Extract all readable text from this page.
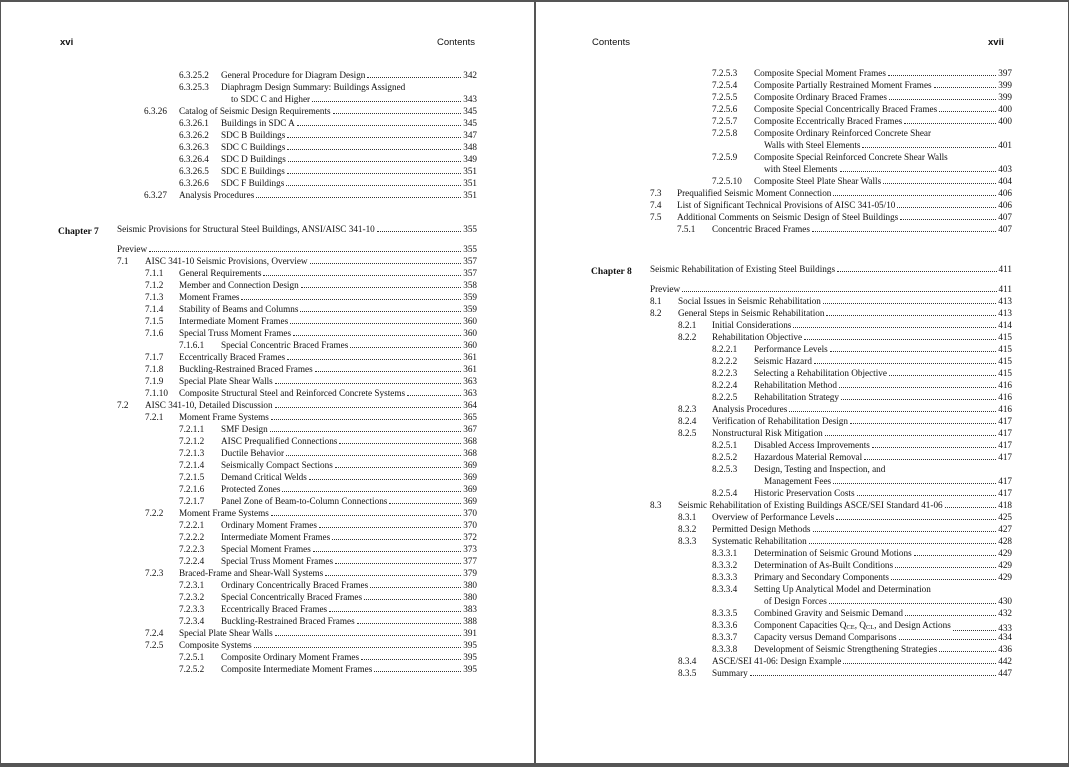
xvi	Contents
Chapter 7
6.3.25.2 General Procedure for Diagram Design	342
6.3.25.3 Diaphragm Design Summary: Buildings Assigned
to SDC C and Higher	343
6.3.26 Catalog of Seismic Design Requirements	345
6.3.26.1 Buildings in SDC A	345
6.3.26.2 SDC B Buildings	347
6.3.26.3 SDC C Buildings	348
6.3.26.4 SDC D Buildings	349
6.3.26.5 SDC E Buildings	351
6.3.26.6 SDC F Buildings	351
6.3.27 Analysis Procedures	351
Seismic Provisions for Structural Steel Buildings, ANSI/AISC 341-10	355
Preview	355
7.1 AISC 341-10 Seismic Provisions, Overview	357
7.1.1 General Requirements	357
7.1.2 Member and Connection Design	358
7.1.3 Moment Frames	359
7.1.4 Stability of Beams and Columns	359
7.1.5 Intermediate Moment Frames	360
7.1.6 Special Truss Moment Frames	360
7.1.6.1 Special Concentric Braced Frames	360
7.1.7 Eccentrically Braced Frames	361
7.1.8 Buckling-Restrained Braced Frames	361
7.1.9 Special Plate Shear Walls	363
7.1.10 Composite Structural Steel and Reinforced Concrete Systems	363
7.2 AISC 341-10, Detailed Discussion	364
7.2.1 Moment Frame Systems	365
7.2.1.1 SMF Design	367
7.2.1.2 AISC Prequalified Connections	368
7.2.1.3 Ductile Behavior	368
7.2.1.4 Seismically Compact Sections	369
7.2.1.5 Demand Critical Welds	369
7.2.1.6 Protected Zones	369
7.2.1.7 Panel Zone of Beam-to-Column Connections	369
7.2.2 Moment Frame Systems	370
7.2.2.1 Ordinary Moment Frames	370
7.2.2.2 Intermediate Moment Frames	372
7.2.2.3 Special Moment Frames	373
7.2.2.4 Special Truss Moment Frames	377
7.2.3 Braced-Frame and Shear-Wall Systems	379
7.2.3.1 Ordinary Concentrically Braced Frames	380
7.2.3.2 Special Concentrically Braced Frames	380
7.2.3.3 Eccentrically Braced Frames	383
7.2.3.4 Buckling-Restrained Braced Frames	388
7.2.4 Special Plate Shear Walls	391
7.2.5 Composite Systems	395
7.2.5.1 Composite Ordinary Moment Frames	395
7.2.5.2 Composite Intermediate Moment Frames	395
Contents	xvii
Chapter 8
7.2.5.3 Composite Special Moment Frames	397
7.2.5.4 Composite Partially Restrained Moment Frames	399
7.2.5.5 Composite Ordinary Braced Frames	399
7.2.5.6 Composite Special Concentrically Braced Frames	400
7.2.5.7 Composite Eccentrically Braced Frames	400
7.2.5.8 Composite Ordinary Reinforced Concrete Shear
Walls with Steel Elements	401
7.2.5.9 Composite Special Reinforced Concrete Shear Walls
with Steel Elements	403
7.2.5.10 Composite Steel Plate Shear Walls	404
7.3 Prequalified Seismic Moment Connection	406
7.4 List of Significant Technical Provisions of AISC 341-05/10	406
7.5 Additional Comments on Seismic Design of Steel Buildings	407
7.5.1 Concentric Braced Frames	407
Seismic Rehabilitation of Existing Steel Buildings	411
Preview	411
8.1 Social Issues in Seismic Rehabilitation	413
8.2 General Steps in Seismic Rehabilitation	413
8.2.1 Initial Considerations	414
8.2.2 Rehabilitation Objective	415
8.2.2.1 Performance Levels	415
8.2.2.2 Seismic Hazard	415
8.2.2.3 Selecting a Rehabilitation Objective	415
8.2.2.4 Rehabilitation Method	416
8.2.2.5 Rehabilitation Strategy	416
8.2.3 Analysis Procedures	416
8.2.4 Verification of Rehabilitation Design	417
8.2.5 Nonstructural Risk Mitigation	417
8.2.5.1 Disabled Access Improvements	417
8.2.5.2 Hazardous Material Removal	417
8.2.5.3 Design, Testing and Inspection, and
Management Fees	417
8.2.5.4 Historic Preservation Costs	417
8.3 Seismic Rehabilitation of Existing Buildings ASCE/SEI Standard 41-06	418
8.3.1 Overview of Performance Levels	425
8.3.2 Permitted Design Methods	427
8.3.3 Systematic Rehabilitation	428
8.3.3.1 Determination of Seismic Ground Motions	429
8.3.3.2 Determination of As-Built Conditions	429
8.3.3.3 Primary and Secondary Components	429
8.3.3.4 Setting Up Analytical Model and Determination
of Design Forces	430
8.3.3.5 Combined Gravity and Seismic Demand	432
8.3.3.6 Component Capacities QCE, QCL, and Design Actions	433
8.3.3.7 Capacity versus Demand Comparisons	434
8.3.3.8 Development of Seismic Strengthening Strategies	436
8.3.4 ASCE/SEI 41-06: Design Example	442
8.3.5 Summary	447
